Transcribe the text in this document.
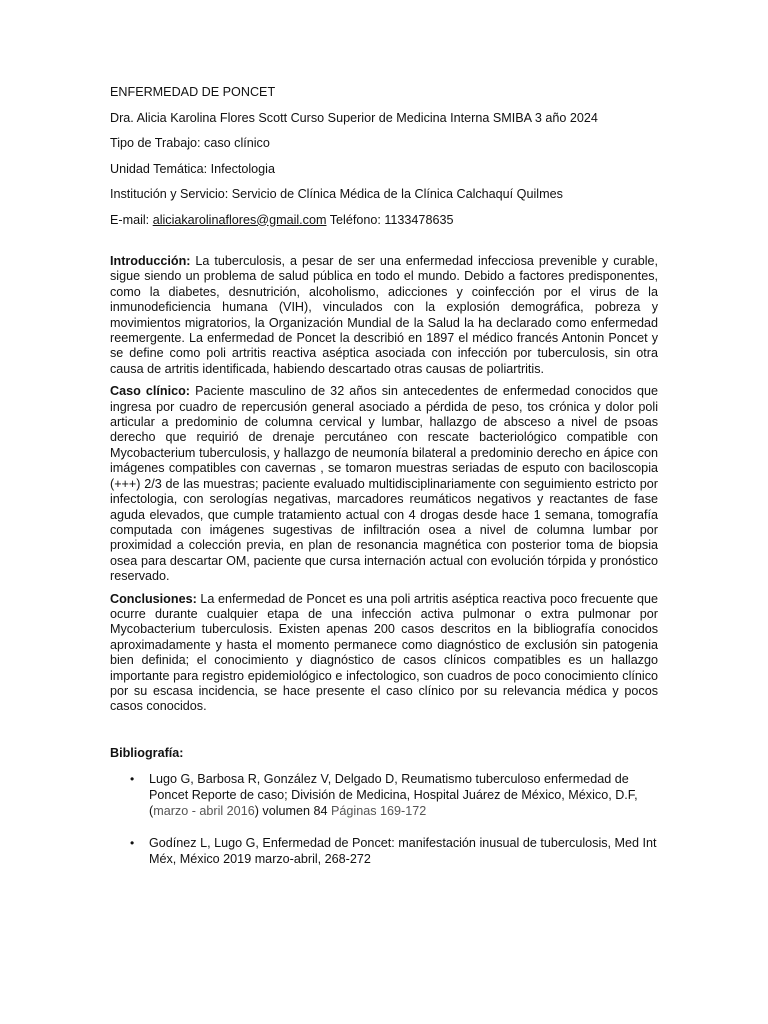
ENFERMEDAD DE PONCET
Dra. Alicia Karolina Flores Scott Curso Superior de Medicina Interna SMIBA 3 año 2024
Tipo de Trabajo: caso clínico
Unidad Temática: Infectologia
Institución y Servicio: Servicio de Clínica Médica de la Clínica Calchaquí Quilmes
E-mail: aliciakarolinaflores@gmail.com Teléfono: 1133478635

Introducción: La tuberculosis, a pesar de ser una enfermedad infecciosa prevenible y curable, sigue siendo un problema de salud pública en todo el mundo. Debido a factores predisponentes, como la diabetes, desnutrición, alcoholismo, adicciones y coinfección por el virus de la inmunodeficiencia humana (VIH), vinculados con la explosión demográfica, pobreza y movimientos migratorios, la Organización Mundial de la Salud la ha declarado como enfermedad reemergente. La enfermedad de Poncet la describió en 1897 el médico francés Antonin Poncet y se define como poli artritis reactiva aséptica asociada con infección por tuberculosis, sin otra causa de artritis identificada, habiendo descartado otras causas de poliartritis.

Caso clínico: Paciente masculino de 32 años sin antecedentes de enfermedad conocidos que ingresa por cuadro de repercusión general asociado a pérdida de peso, tos crónica y dolor poli articular a predominio de columna cervical y lumbar, hallazgo de absceso a nivel de psoas derecho que requirió de drenaje percutáneo con rescate bacteriológico compatible con Mycobacterium tuberculosis, y hallazgo de neumonía bilateral a predominio derecho en ápice con imágenes compatibles con cavernas , se tomaron muestras seriadas de esputo con baciloscopia (+++) 2/3 de las muestras; paciente evaluado multidisciplinariamente con seguimiento estricto por infectologia, con serologías negativas, marcadores reumáticos negativos y reactantes de fase aguda elevados, que cumple tratamiento actual con 4 drogas desde hace 1 semana, tomografía computada con imágenes sugestivas de infiltración osea a nivel de columna lumbar por proximidad a colección previa, en plan de resonancia magnética con posterior toma de biopsia osea para descartar OM, paciente que cursa internación actual con evolución tórpida y pronóstico reservado.

Conclusiones: La enfermedad de Poncet es una poli artritis aséptica reactiva poco frecuente que ocurre durante cualquier etapa de una infección activa pulmonar o extra pulmonar por Mycobacterium tuberculosis. Existen apenas 200 casos descritos en la bibliografía conocidos aproximadamente y hasta el momento permanece como diagnóstico de exclusión sin patogenia bien definida; el conocimiento y diagnóstico de casos clínicos compatibles es un hallazgo importante para registro epidemiológico e infectologico, son cuadros de poco conocimiento clínico por su escasa incidencia, se hace presente el caso clínico por su relevancia médica y pocos casos conocidos.

Bibliografía:
• Lugo G, Barbosa R, González V, Delgado D, Reumatismo tuberculoso enfermedad de Poncet Reporte de caso; División de Medicina, Hospital Juárez de México, México, D.F, (marzo - abril 2016) volumen 84 Páginas 169-172
• Godínez L, Lugo G, Enfermedad de Poncet: manifestación inusual de tuberculosis, Med Int Méx, México 2019 marzo-abril, 268-272
